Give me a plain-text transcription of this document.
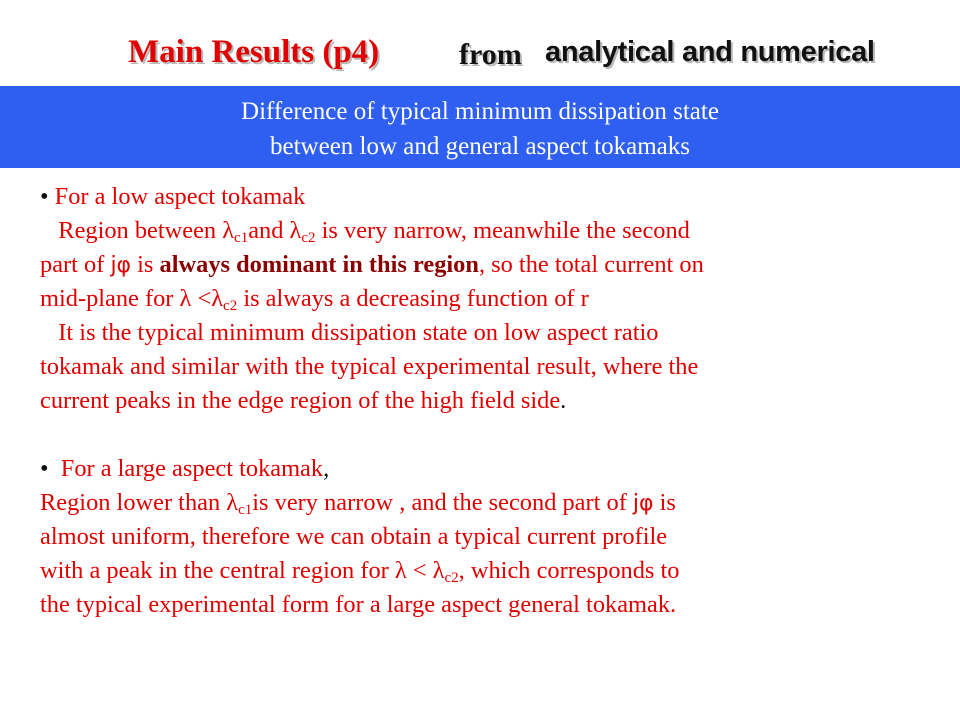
Main Results (p4)	from analytical and numerical
Difference of typical minimum dissipation state
between low and general aspect tokamaks
• For a low aspect tokamak
Region between $\lambda_{c1}and$ $\lambda_{c2}$ is very narrow, meanwhile the second
part of jφ is always dominant in this region, so the total current on
mid-plane for $\lambda <\lambda_{c2}$ is always a decreasing function of r
It is the typical minimum dissipation state on low aspect ratio
tokamak and similar with the typical experimental result, where the
current peaks in the edge region of the high field side.
• For a large aspect tokamak,
Region lower than $\lambda_{c1}is$ very narrow , and the second part of jφ is
almost uniform, therefore we can obtain a typical current profile
with a peak in the central region for $\lambda < \lambda_{c2}$, which corresponds to
the typical experimental form for a large aspect general tokamak.
